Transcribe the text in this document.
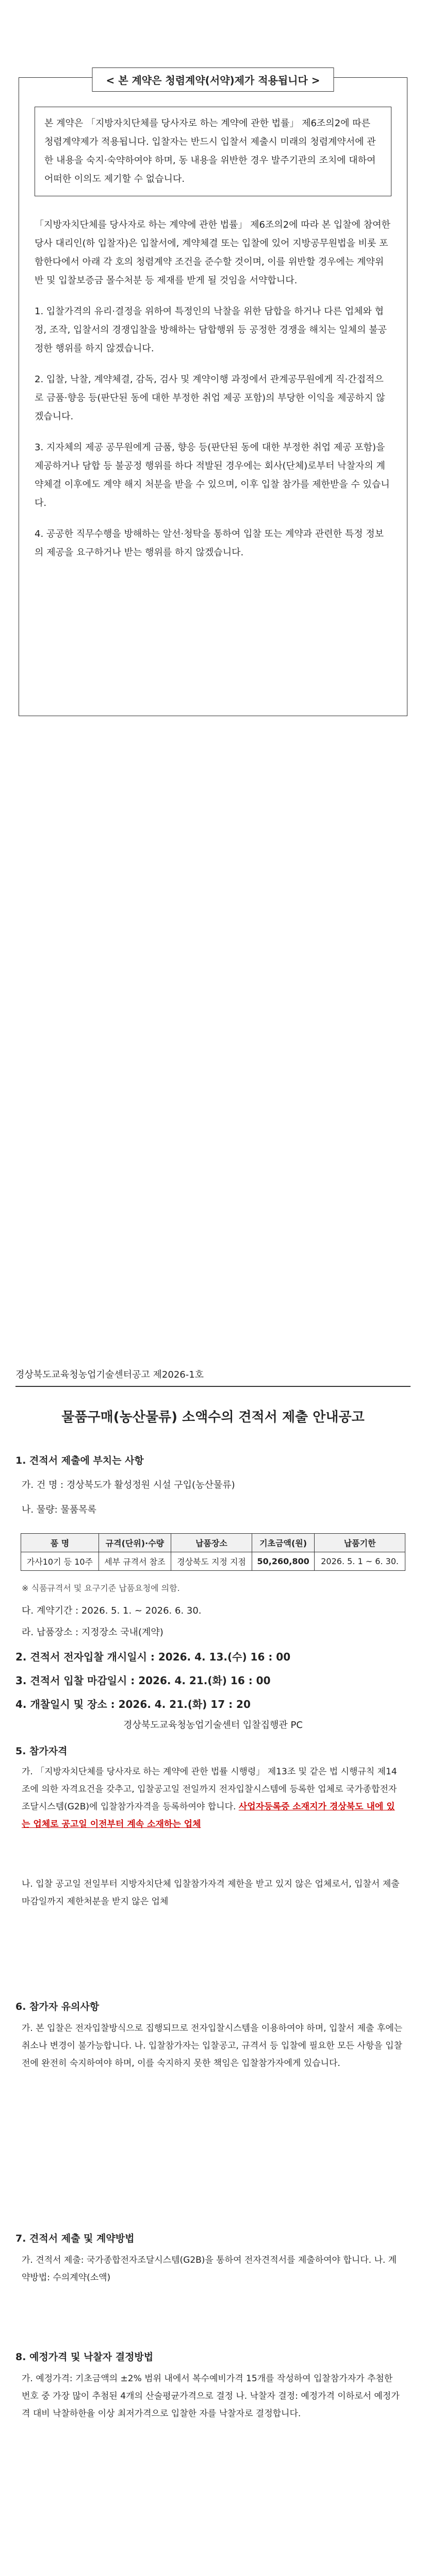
< 본 계약은 청렴계약(서약)제가 적용됩니다 >
본 계약은 「지방자치단체를 당사자로 하는 계약에 관한 법률」 제6조의2에 따른 청렴계약제가 적용됩니다. 입찰자는 반드시 입찰서 제출시 미래의 청렴계약서에 관한 내용을 숙지·숙약하여야 하며, 동 내용을 위반한 경우 발주기관의 조치에 대하여 어떠한 이의도 제기할 수 없습니다.
「지방자치단체를 당사자로 하는 계약에 관한 법률」 제6조의2에 따라 본 입찰에 참여한 당사 대리인(하 입찰자)은 입찰서에, 계약체결 또는 입찰에 있어 지방공무원법을 비롯 포함한다에서 아래 각 호의 청렴계약 조건을 준수할 것이며, 이를 위반할 경우에는 계약위반 및 입찰보증금 몰수처분 등 제재를 받게 될 것임을 서약합니다.
1. 입찰가격의 유리·결정을 위하여 특정인의 낙찰을 위한 담합을 하거나 다른 업체와 협정, 조작, 입찰서의 경쟁입찰을 방해하는 담합행위 등 공정한 경쟁을 해치는 일체의 불공정한 행위를 하지 않겠습니다.
2. 입찰, 낙찰, 계약체결, 감독, 검사 및 계약이행 과정에서 관계공무원에게 직·간접적으로 금품·향응 등(판단된 동에 대한 부정한 취업 제공 포함)의 부당한 이익을 제공하지 않겠습니다.
3. 지자체의 제공 공무원에게 금품, 향응 등(판단된 동에 대한 부정한 취업 제공 포함)을 제공하거나 담합 등 불공정 행위를 하다 적발된 경우에는 회사(단체)로부터 낙찰자의 계약체결 이후에도 계약 해지 처분을 받을 수 있으며, 이후 입찰 참가를 제한받을 수 있습니다.
4. 공공한 직무수행을 방해하는 알선·청탁을 통하여 입찰 또는 계약과 관련한 특정 정보의 제공을 요구하거나 받는 행위를 하지 않겠습니다.
경상북도교육청농업기술센터공고 제2026-1호
물품구매(농산물류) 소액수의 견적서 제출 안내공고
1. 견적서 제출에 부치는 사항
가. 건 명 : 경상북도가 활성정원 시설 구입(농산물류)
나. 물량: 물품목록
품 명	규격(단위)·수량	납품장소	기초금액(원)	납품기한
가사10기 등 10주	세부 규격서 참조	경상북도 지정 지점	50,260,800	2026. 5. 1 ~ 6. 30.
※ 식품규격서 및 요구기준 납품요청에 의함.
다. 계약기간 : 2026. 5. 1. ~ 2026. 6. 30.
라. 납품장소 : 지정장소 국내(계약)
2. 견적서 전자입찰 개시일시 : 2026. 4. 13.(수) 16 : 00
3. 견적서 입찰 마감일시 : 2026. 4. 21.(화) 16 : 00
4. 개찰일시 및 장소 : 2026. 4. 21.(화) 17 : 20
경상북도교육청농업기술센터 입찰집행관 PC
5. 참가자격
가. 「지방자치단체를 당사자로 하는 계약에 관한 법률 시행령」 제13조 및 같은 법 시행규칙 제14조에 의한 자격요건을 갖추고, 입찰공고일 전일까지 전자입찰시스템에 등록한 업체로 국가종합전자조달시스템(G2B)에 입찰참가자격을 등록하여야 합니다. 사업자등록증 소재지가 경상북도 내에 있는 업체로 공고일 이전부터 계속 소재하는 업체
나. 입찰 공고일 전일부터 지방자치단체 입찰참가자격 제한을 받고 있지 않은 업체로서, 입찰서 제출 마감일까지 제한처분을 받지 않은 업체
가. 본 입찰은 전자입찰방식으로 집행되므로 전자입찰시스템을 이용하여야 하며, 입찰서 제출 후에는 취소나 변경이 불가능합니다. 나. 입찰참가자는 입찰공고, 규격서 등 입찰에 필요한 모든 사항을 입찰 전에 완전히 숙지하여야 하며, 이를 숙지하지 못한 책임은 입찰참가자에게 있습니다.
6. 참가자 유의사항
7. 견적서 제출 및 계약방법
가. 견적서 제출: 국가종합전자조달시스템(G2B)을 통하여 전자견적서를 제출하여야 합니다. 나. 계약방법: 수의계약(소액)
8. 예정가격 및 낙찰자 결정방법
가. 예정가격: 기초금액의 ±2% 범위 내에서 복수예비가격 15개를 작성하여 입찰참가자가 추첨한 번호 중 가장 많이 추첨된 4개의 산술평균가격으로 결정 나. 낙찰자 결정: 예정가격 이하로서 예정가격 대비 낙찰하한율 이상 최저가격으로 입찰한 자를 낙찰자로 결정합니다.
